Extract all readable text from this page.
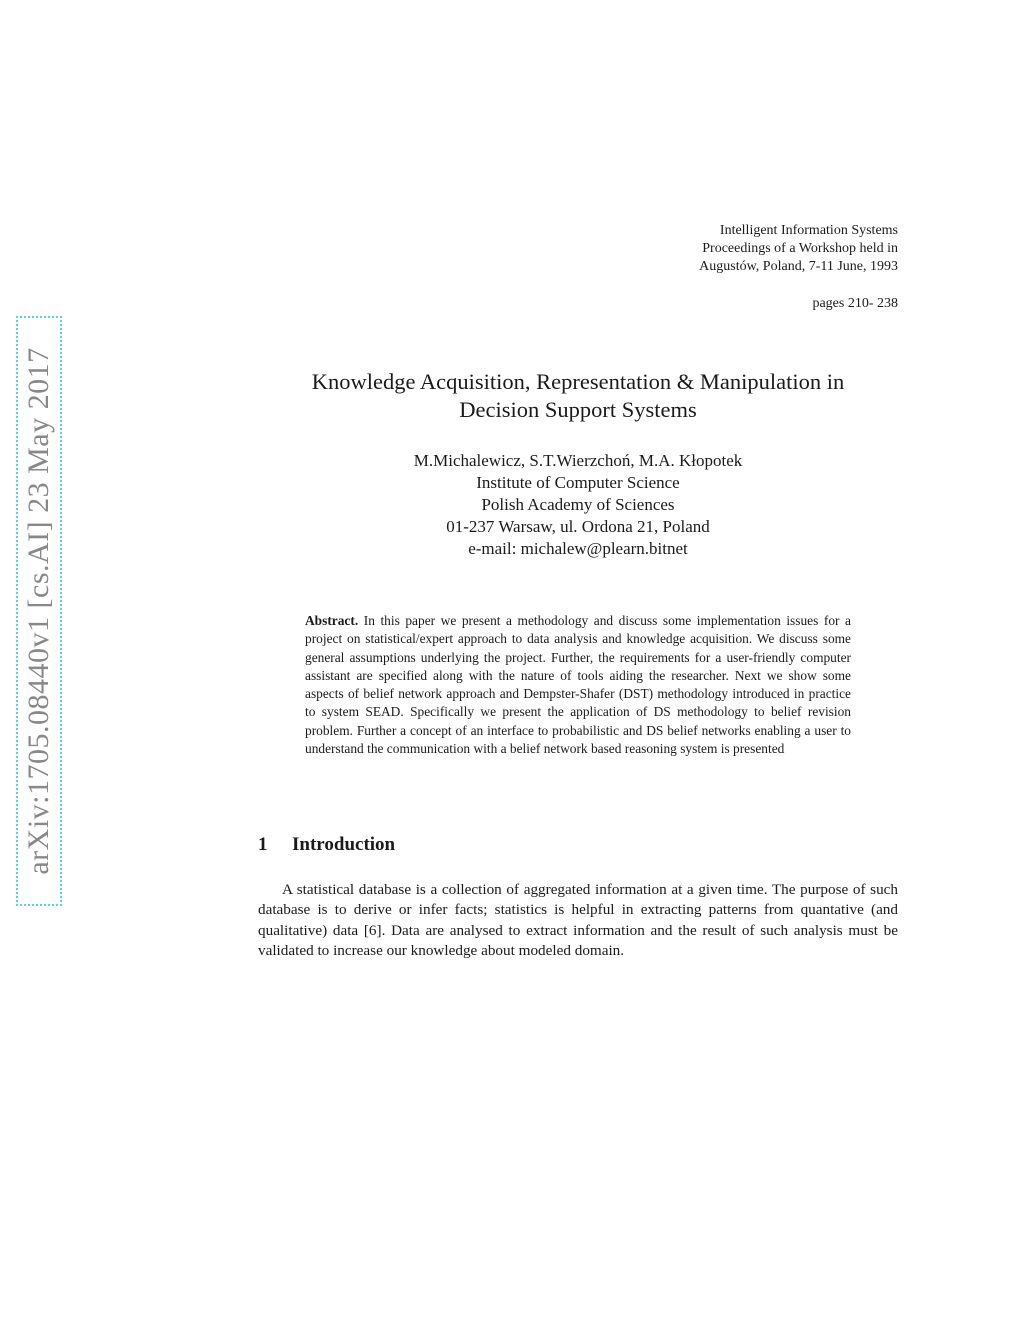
arXiv:1705.08440v1 [cs.AI] 23 May 2017
Intelligent Information Systems
Proceedings of a Workshop held in
Augustów, Poland, 7-11 June, 1993
pages 210- 238
Knowledge Acquisition, Representation & Manipulation in
Decision Support Systems
M.Michalewicz, S.T.Wierzchoń, M.A. Kłopotek
Institute of Computer Science
Polish Academy of Sciences
01-237 Warsaw, ul. Ordona 21, Poland
e-mail: michalew@plearn.bitnet
Abstract. In this paper we present a methodology and discuss some implementation issues for a project on statistical/expert approach to data analysis and knowledge acquisition. We discuss some general assumptions underlying the project. Further, the requirements for a user-friendly computer assistant are specified along with the nature of tools aiding the researcher. Next we show some aspects of belief network approach and Dempster-Shafer (DST) methodology introduced in practice to system SEAD. Specifically we present the application of DS methodology to belief revision problem. Further a concept of an interface to probabilistic and DS belief networks enabling a user to understand the communication with a belief network based reasoning system is presented
1 Introduction

A statistical database is a collection of aggregated information at a given time. The purpose of such database is to derive or infer facts; statistics is helpful in extracting patterns from quantative (and qualitative) data [6]. Data are analysed to extract information and the result of such analysis must be validated to increase our knowledge about modeled domain.
